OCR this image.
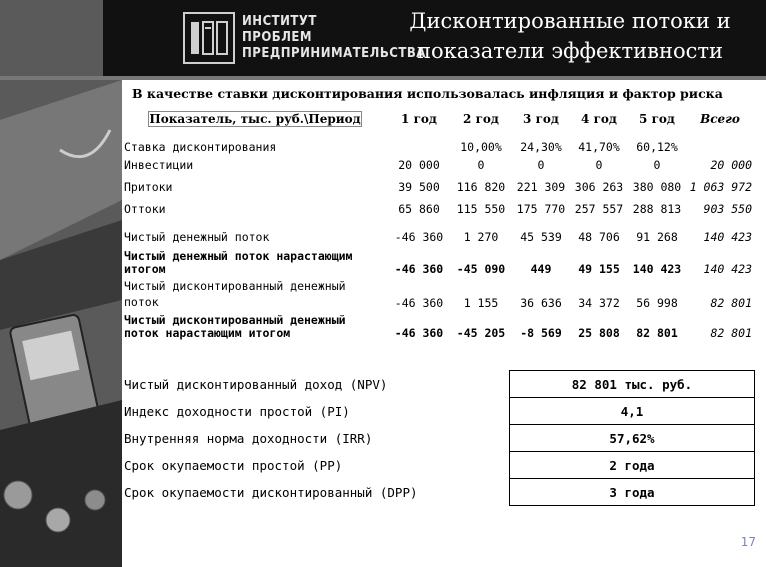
ИНСТИТУТ
ПРОБЛЕМ
ПРЕДПРИНИМАТЕЛЬСТВА
Дисконтированные потоки и
показатели эффективности
В качестве ставки дисконтирования использовалась инфляция и фактор риска
Показатель, тыс. руб.\Период	1 год	2 год	3 год	4 год	5 год	Всего
Ставка дисконтирования		10,00%	24,30%	41,70%	60,12%	
Инвестиции	20 000	0	0	0	0	20 000
Притоки	39 500	116 820	221 309	306 263	380 080	1 063 972
Оттоки	65 860	115 550	175 770	257 557	288 813	903 550

Чистый денежный поток	-46 360	1 270	45 539	48 706	91 268	140 423
Чистый денежный поток нарастающим итогом	-46 360	-45 090	449	49 155	140 423	140 423
Чистый дисконтированный денежный поток	-46 360	1 155	36 636	34 372	56 998	82 801
Чистый дисконтированный денежный поток нарастающим итогом	-46 360	-45 205	-8 569	25 808	82 801	82 801
Чистый дисконтированный доход (NPV)	82 801 тыс. руб.
Индекс доходности простой (PI)	4,1
Внутренняя норма доходности (IRR)	57,62%
Срок окупаемости простой (PP)	2 года
Срок окупаемости дисконтированный (DPP)	3 года
17
